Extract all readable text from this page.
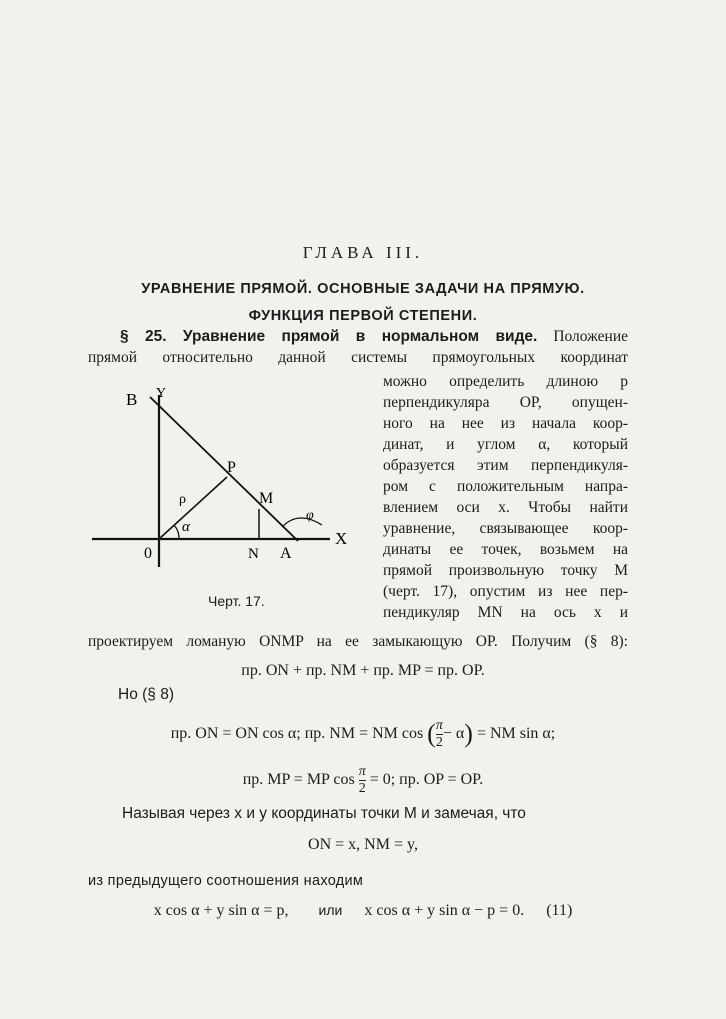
ГЛАВА III.
УРАВНЕНИЕ ПРЯМОЙ. ОСНОВНЫЕ ЗАДАЧИ НА ПРЯМУЮ.
ФУНКЦИЯ ПЕРВОЙ СТЕПЕНИ.
§ 25. Уравнение прямой в нормальном виде. Положение
прямой относительно данной системы прямоугольных координат
можно определить длиною p
перпендикуляра OP, опущен-
ного на нее из начала коор-
динат, и углом α, который
образуется этим перпендикуля-
ром с положительным напра-
влением оси x. Чтобы найти
уравнение, связывающее коор-
динаты ее точек, возьмем на
прямой произвольную точку M
(черт. 17), опустим из нее пер-
пендикуляр MN на ось x и
B Y
P
ρ	M
α
φ
X
0	N A
Черт. 17.
проектируем ломаную ONMP на ее замыкающую OP. Получим (§ 8):
пр. ON + пр. NM + пр. MP = пр. OP.
Но (§ 8)
пр. ON = ON cos α; пр. NM = NM cos ( $\frac{\pi}{2} - \alpha$) = NM sin α;
пр. MP = MP $\cos \frac{\pi}{2} = 0$; пр. OP = OP.
Называя через x и y координаты точки M и замечая, что
ON = x, NM = y,
из предыдущего соотношения находим
x cos α + y sin α = p, или x cos α + y sin α − p = 0. (11)
